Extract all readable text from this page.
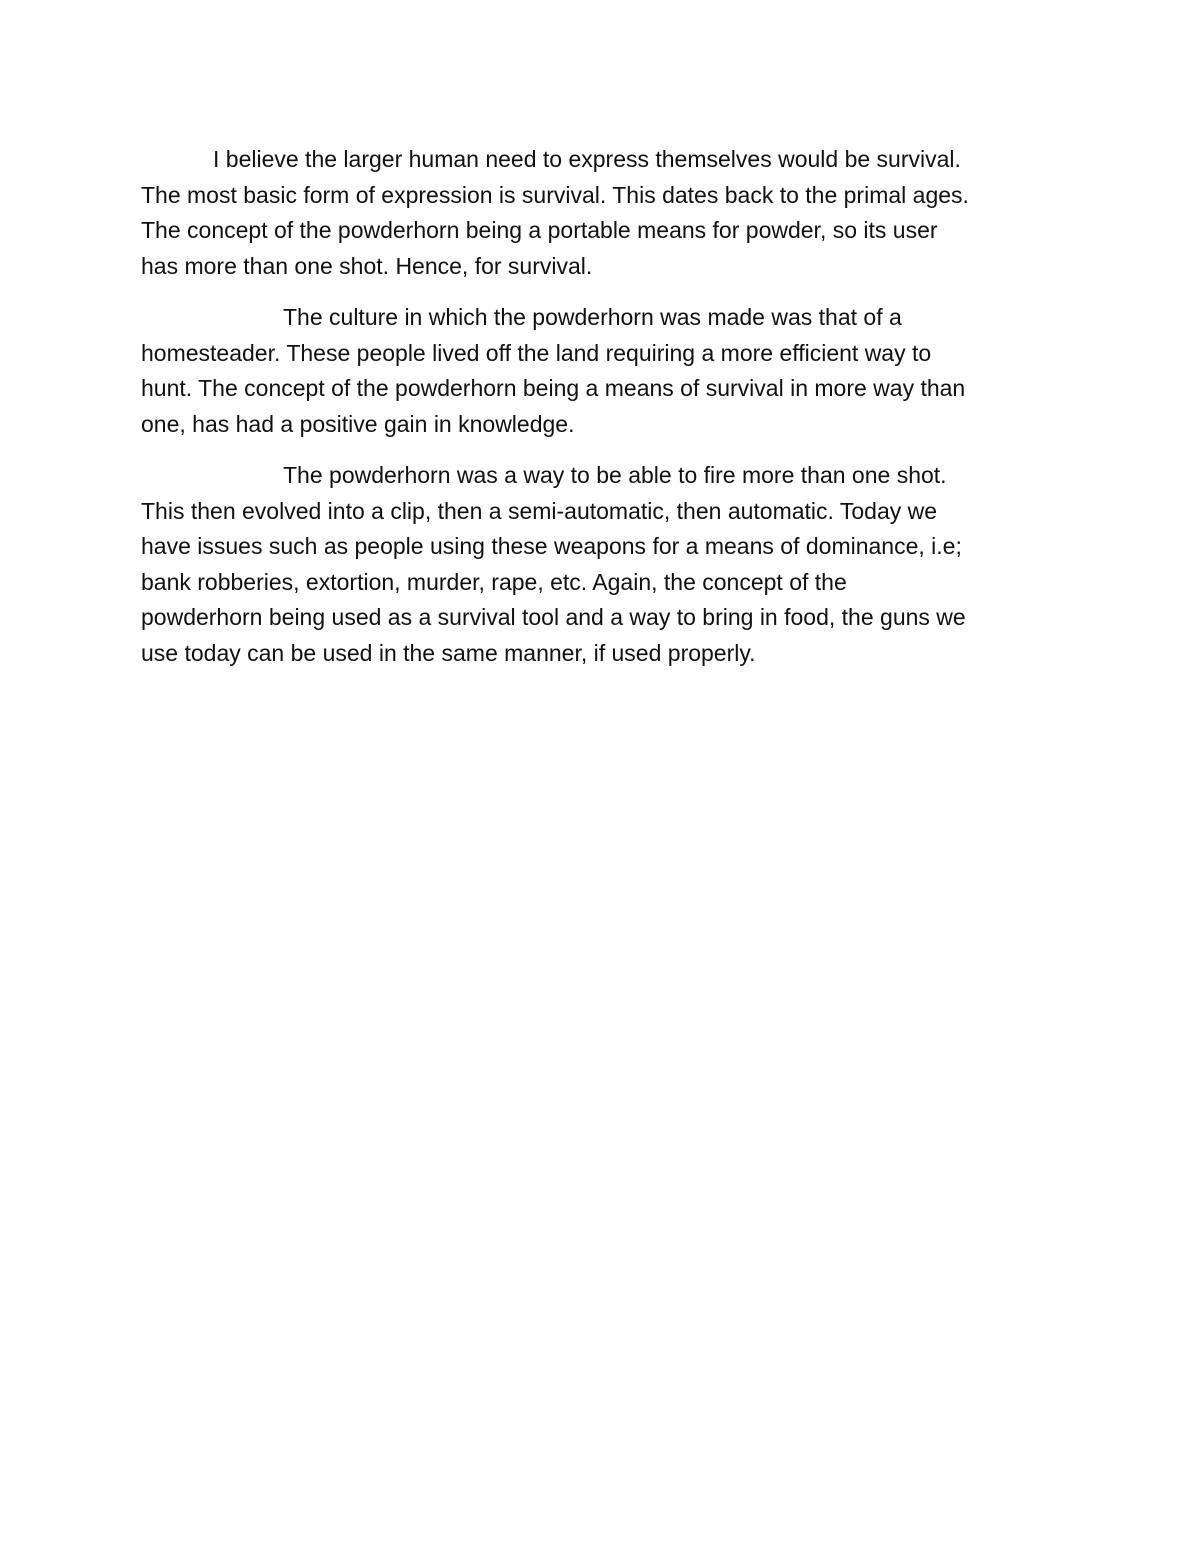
I believe the larger human need to express themselves would be survival.
The most basic form of expression is survival. This dates back to the primal ages.
The concept of the powderhorn being a portable means for powder, so its user
has more than one shot. Hence, for survival.

The culture in which the powderhorn was made was that of a
homesteader. These people lived off the land requiring a more efficient way to
hunt. The concept of the powderhorn being a means of survival in more way than
one, has had a positive gain in knowledge.

The powderhorn was a way to be able to fire more than one shot.
This then evolved into a clip, then a semi-automatic, then automatic. Today we
have issues such as people using these weapons for a means of dominance, i.e;
bank robberies, extortion, murder, rape, etc. Again, the concept of the
powderhorn being used as a survival tool and a way to bring in food, the guns we
use today can be used in the same manner, if used properly.
